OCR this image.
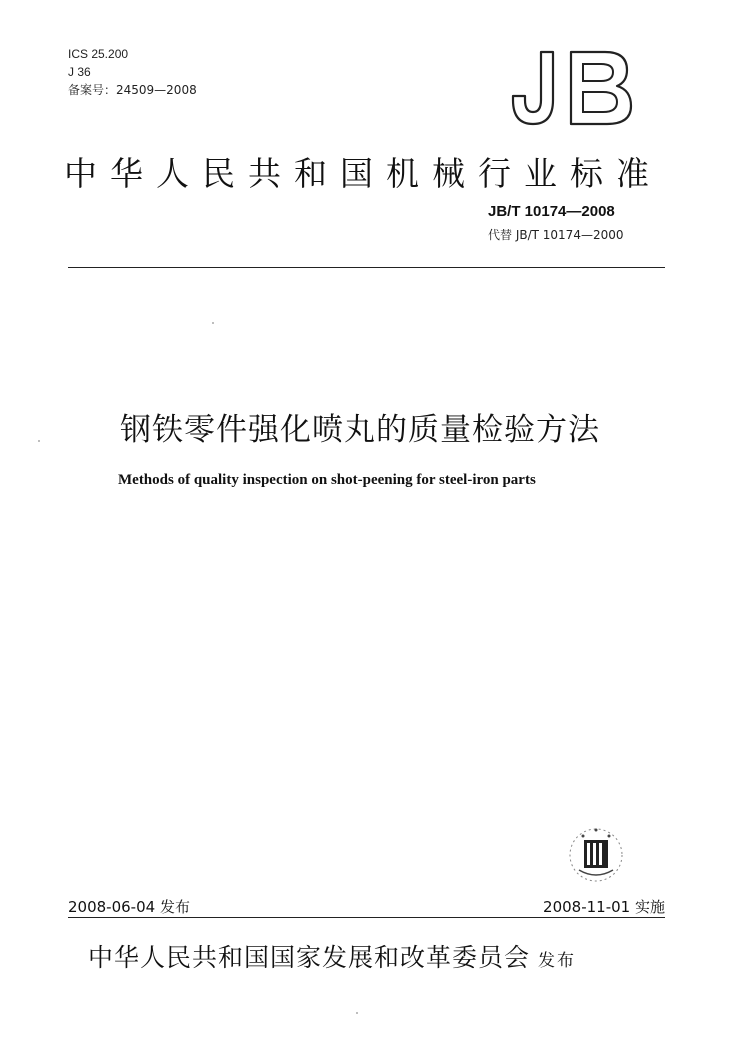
ICS 25.200
J 36
备案号：24509—2008
中华人民共和国机械行业标准
JB/T 10174—2008
代替 JB/T 10174—2000
钢铁零件强化喷丸的质量检验方法
Methods of quality inspection on shot-peening for steel-iron parts
2008-06-04 发布	2008-11-01 实施
中华人民共和国国家发展和改革委员会 发布
